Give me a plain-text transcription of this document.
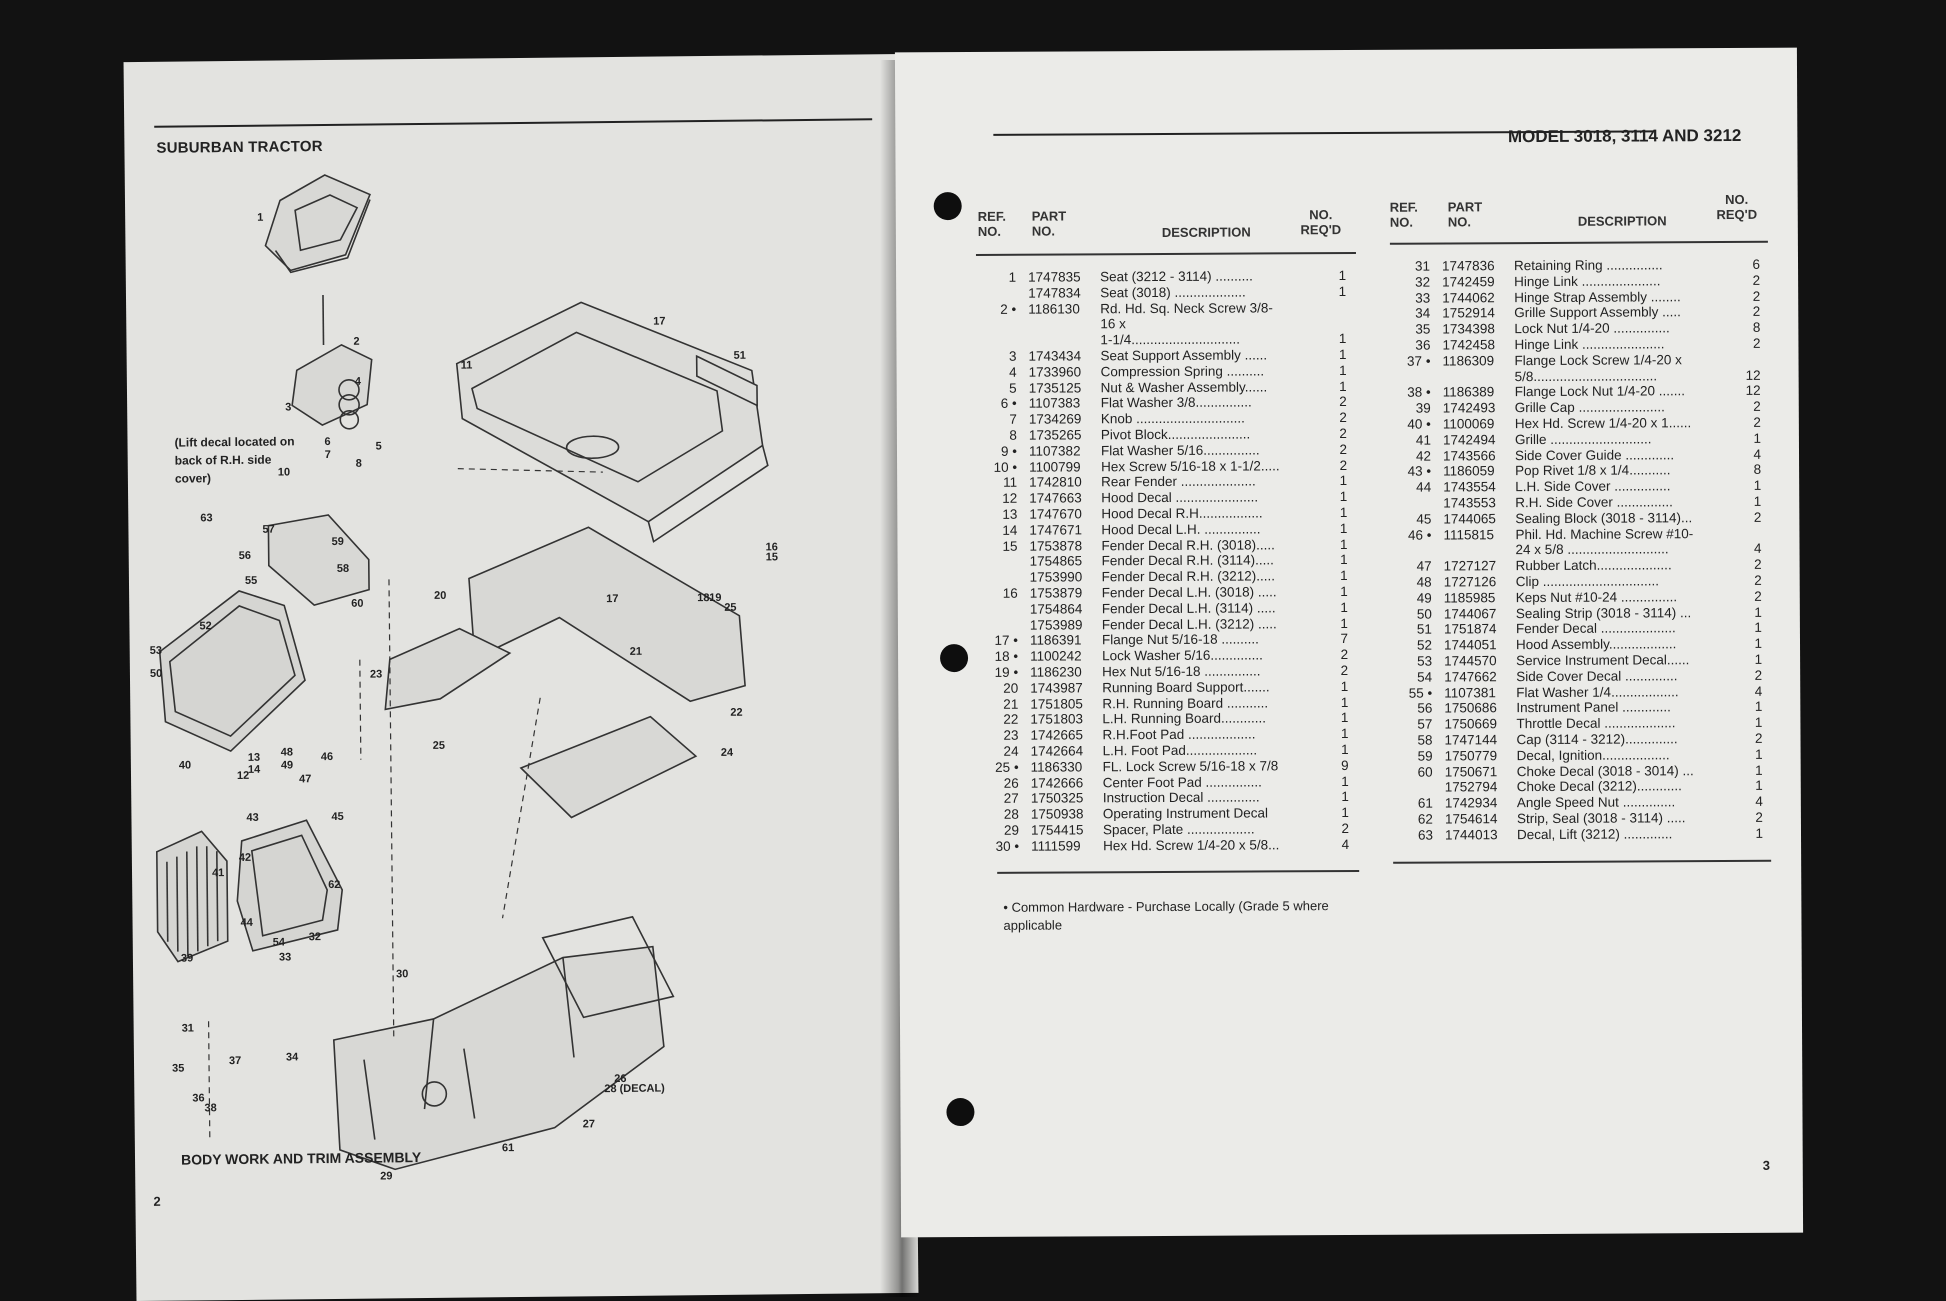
SUBURBAN TRACTOR
(Lift decal located on back of R.H. side cover)
1
2
3
4
5
6
7
8
10
11
12
13
14
15
16
17
17	18 19
20
21
22
23
24
25
25
26
27
28 (DECAL)
29
30
31
32
33
34
35
36
37
38
39
40
41
42
43
44
45
46
47
48
49
50
51
52
53
54
55
56
57
58
59
60
61
62
63
BODY WORK AND TRIM ASSEMBLY
2
MODEL 3018, 3114 AND 3212
REF. NO.
PART NO.	DESCRIPTION
NO. REQ'D
REF. NO.
PART NO.	DESCRIPTION
NO. REQ'D
1 1747835 Seat (3212 - 3114) ..........	1
1747834 Seat (3018) ...................	1
2 • 1186130 Rd. Hd. Sq. Neck Screw 3/8-
16 x
1-1/4.............................	1
3 1743434 Seat Support Assembly ......	1
4 1733960 Compression Spring ..........	1
5 1735125 Nut & Washer Assembly......	1
6 • 1107383 Flat Washer 3/8...............	2
7 1734269 Knob .............................	2
8 1735265 Pivot Block......................	2
9 • 1107382 Flat Washer 5/16...............	2
10 • 1100799 Hex Screw 5/16-18 x 1-1/2.....	2
11 1742810 Rear Fender ....................	1
12 1747663 Hood Decal ......................	1
13 1747670 Hood Decal R.H.................	1
14 1747671 Hood Decal L.H. ...............	1
15 1753878 Fender Decal R.H. (3018).....	1
1754865 Fender Decal R.H. (3114).....	1
1753990 Fender Decal R.H. (3212).....	1
16 1753879 Fender Decal L.H. (3018) .....	1
1754864 Fender Decal L.H. (3114) .....	1
1753989 Fender Decal L.H. (3212) .....	1
17 • 1186391 Flange Nut 5/16-18 ..........	7
18 • 1100242 Lock Washer 5/16..............	2
19 • 1186230 Hex Nut 5/16-18 ...............	2
20 1743987 Running Board Support.......	1
21 1751805 R.H. Running Board ...........	1
22 1751803 L.H. Running Board............	1
23 1742665 R.H.Foot Pad ..................	1
24 1742664 L.H. Foot Pad...................	1
25 • 1186330 FL. Lock Screw 5/16-18 x 7/8	9
26 1742666 Center Foot Pad ...............	1
27 1750325 Instruction Decal ..............	1
28 1750938 Operating Instrument Decal	1
29 1754415 Spacer, Plate ..................	2
30 • 1111599 Hex Hd. Screw 1/4-20 x 5/8...	4
31 1747836 Retaining Ring ...............	6
32 1742459 Hinge Link .....................	2
33 1744062 Hinge Strap Assembly ........	2
34 1752914 Grille Support Assembly .....	2
35 1734398 Lock Nut 1/4-20 ...............	8
36 1742458 Hinge Link ......................	2
37 • 1186309 Flange Lock Screw 1/4-20 x
5/8.................................	12
38 • 1186389 Flange Lock Nut 1/4-20 .......	12
39 1742493 Grille Cap .......................	2
40 • 1100069 Hex Hd. Screw 1/4-20 x 1......	2
41 1742494 Grille ...........................	1
42 1743566 Side Cover Guide .............	4
43 • 1186059 Pop Rivet 1/8 x 1/4...........	8
44 1743554 L.H. Side Cover ...............	1
1743553 R.H. Side Cover ...............	1
45 1744065 Sealing Block (3018 - 3114)...	2
46 • 1115815 Phil. Hd. Machine Screw #10-
24 x 5/8 ...........................	4
47 1727127 Rubber Latch....................	2
48 1727126 Clip ...............................	2
49 1185985 Keps Nut #10-24 ...............	2
50 1744067 Sealing Strip (3018 - 3114) ...	1
51 1751874 Fender Decal ....................	1
52 1744051 Hood Assembly..................	1
53 1744570 Service Instrument Decal......	1
54 1747662 Side Cover Decal ..............	2
55 • 1107381 Flat Washer 1/4..................	4
56 1750686 Instrument Panel .............	1
57 1750669 Throttle Decal ...................	1
58 1747144 Cap (3114 - 3212)..............	2
59 1750779 Decal, Ignition..................	1
60 1750671 Choke Decal (3018 - 3014) ...	1
1752794 Choke Decal (3212)............	1
61 1742934 Angle Speed Nut ..............	4
62 1754614 Strip, Seal (3018 - 3114) .....	2
63 1744013 Decal, Lift (3212) .............	1
• Common Hardware - Purchase Locally (Grade 5 where applicable
3
